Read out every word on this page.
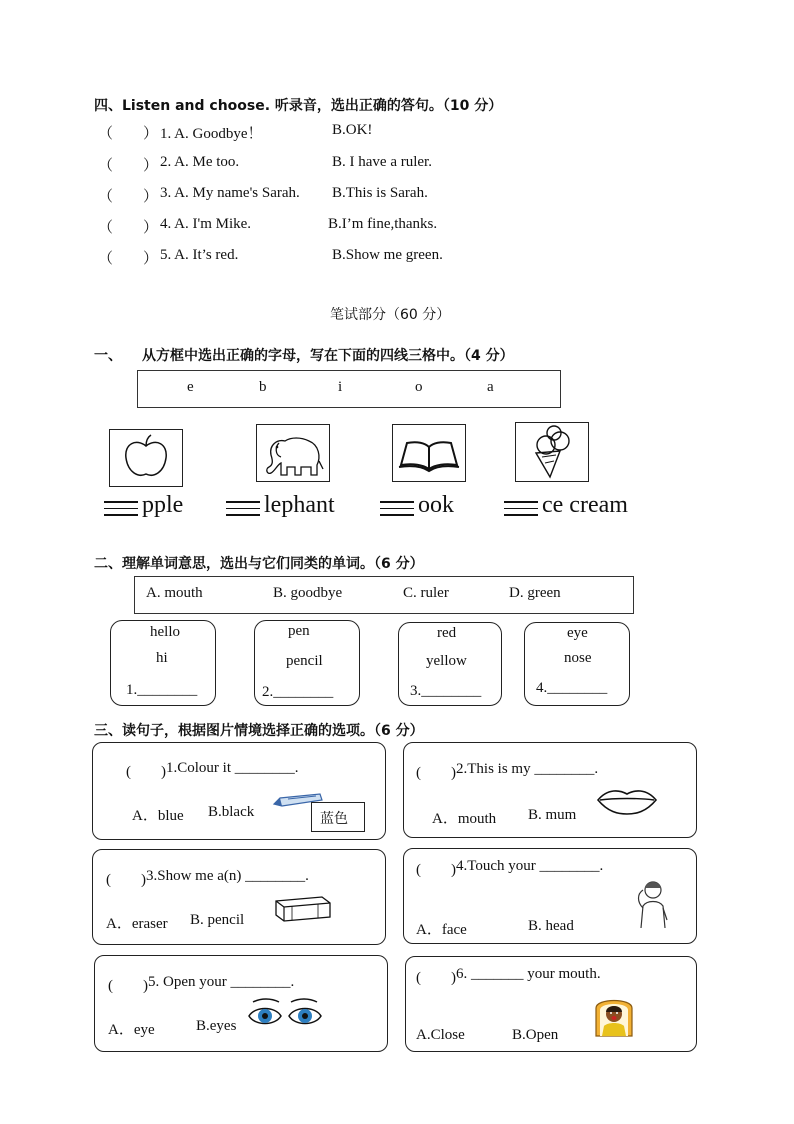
四、Listen and choose. 听录音，选出正确的答句。（10 分）
（　　） 1. A. Goodbye！	B.OK!
（　　） 2. A. Me too.	B. I have a ruler.
（　　） 3. A. My name's Sarah. B.This is Sarah.
（　　） 4. A. I'm Mike.	B.I’m fine,thanks.
（　　） 5. A. It’s red.	B.Show me green.
笔试部分（60 分）
一、 从方框中选出正确的字母，写在下面的四线三格中。（4 分）
e	b	i	o	a
pple	lephant	ook	ce cream
二、理解单词意思，选出与它们同类的单词。（6 分）
A. mouth	B. goodbye	C. ruler	D. green
hello
hi
1.________
pen
pencil
2.________
red
yellow
3.________
eye
nose
4.________
三、读句子，根据图片情境选择正确的选项。（6 分）
(　　) 1.Colour it ________.
A．blue B.black	蓝色
(　　) 2.This is my ________.
A．mouth B. mum
(　　) 3.Show me a(n) ________.
A．eraser B. pencil
(　　) 4.Touch your ________.
A．face	B. head
(　　) 5. Open your ________.
A．eye	B.eyes
(　　) 6. _______ your mouth.
A.Close	B.Open
